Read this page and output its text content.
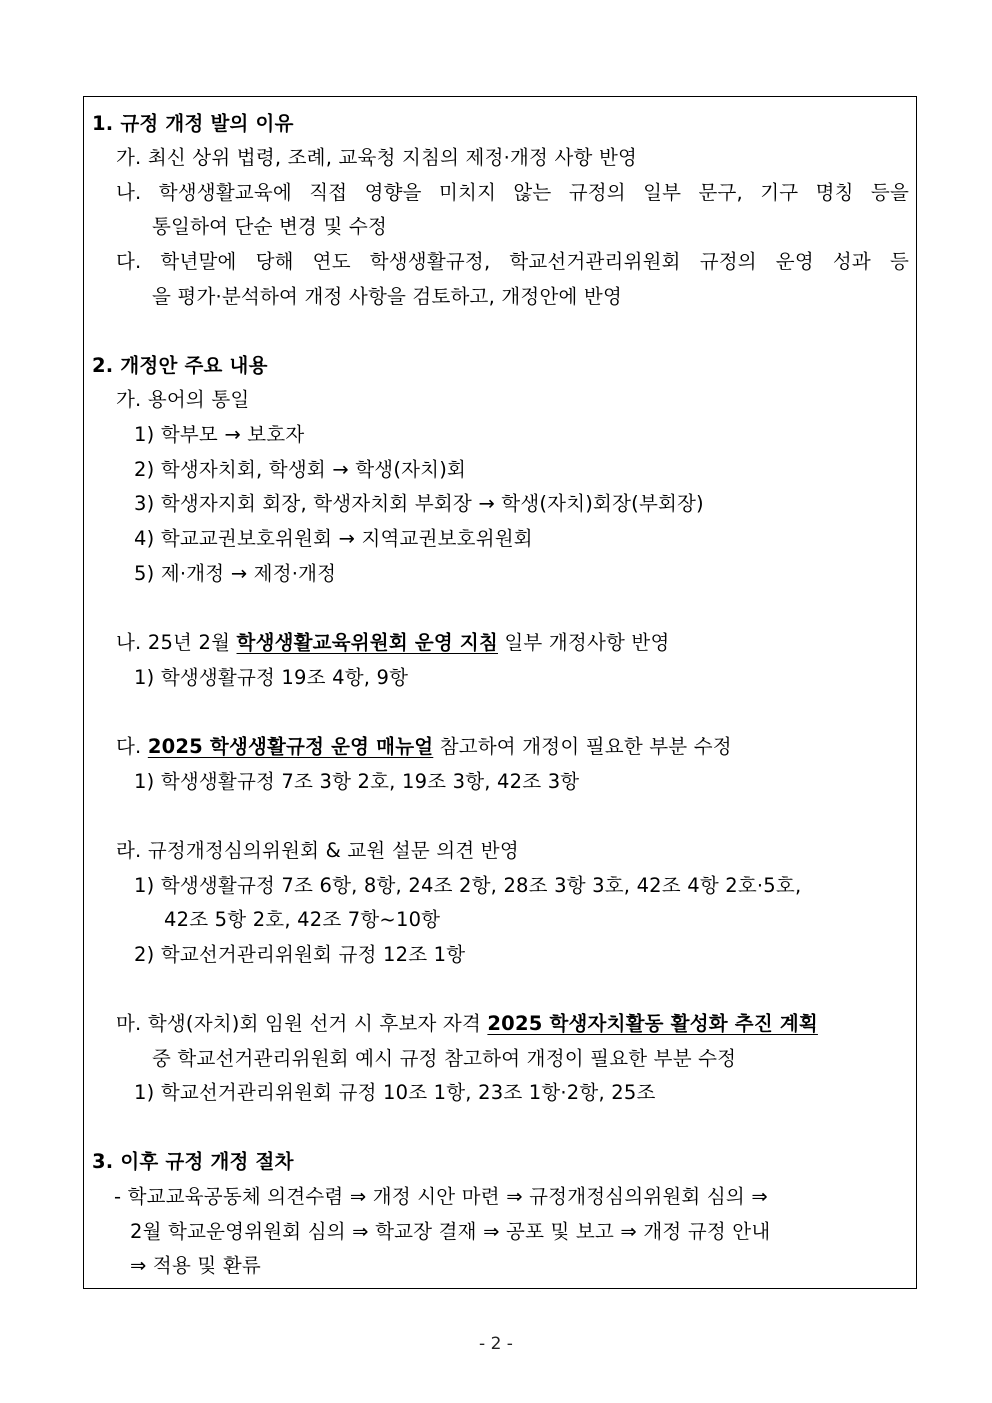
1. 규정 개정 발의 이유
가. 최신 상위 법령, 조례, 교육청 지침의 제정·개정 사항 반영
나. 학생생활교육에 직접 영향을 미치지 않는 규정의 일부 문구, 기구 명칭 등을
통일하여 단순 변경 및 수정
다. 학년말에 당해 연도 학생생활규정, 학교선거관리위원회 규정의 운영 성과 등
을 평가·분석하여 개정 사항을 검토하고, 개정안에 반영
2. 개정안 주요 내용
가. 용어의 통일
1) 학부모 → 보호자
2) 학생자치회, 학생회 → 학생(자치)회
3) 학생자지회 회장, 학생자치회 부회장 → 학생(자치)회장(부회장)
4) 학교교권보호위원회 → 지역교권보호위원회
5) 제·개정 → 제정·개정
나. 25년 2월 학생생활교육위원회 운영 지침 일부 개정사항 반영
1) 학생생활규정 19조 4항, 9항
다. 2025 학생생활규정 운영 매뉴얼 참고하여 개정이 필요한 부분 수정
1) 학생생활규정 7조 3항 2호, 19조 3항, 42조 3항
라. 규정개정심의위원회 & 교원 설문 의견 반영
1) 학생생활규정 7조 6항, 8항, 24조 2항, 28조 3항 3호, 42조 4항 2호·5호,
42조 5항 2호, 42조 7항~10항
2) 학교선거관리위원회 규정 12조 1항
마. 학생(자치)회 임원 선거 시 후보자 자격 2025 학생자치활동 활성화 추진 계획
중 학교선거관리위원회 예시 규정 참고하여 개정이 필요한 부분 수정
1) 학교선거관리위원회 규정 10조 1항, 23조 1항·2항, 25조
3. 이후 규정 개정 절차
- 학교교육공동체 의견수렴 ⇒ 개정 시안 마련 ⇒ 규정개정심의위원회 심의 ⇒
2월 학교운영위원회 심의 ⇒ 학교장 결재 ⇒ 공포 및 보고 ⇒ 개정 규정 안내
⇒ 적용 및 환류
- 2 -
